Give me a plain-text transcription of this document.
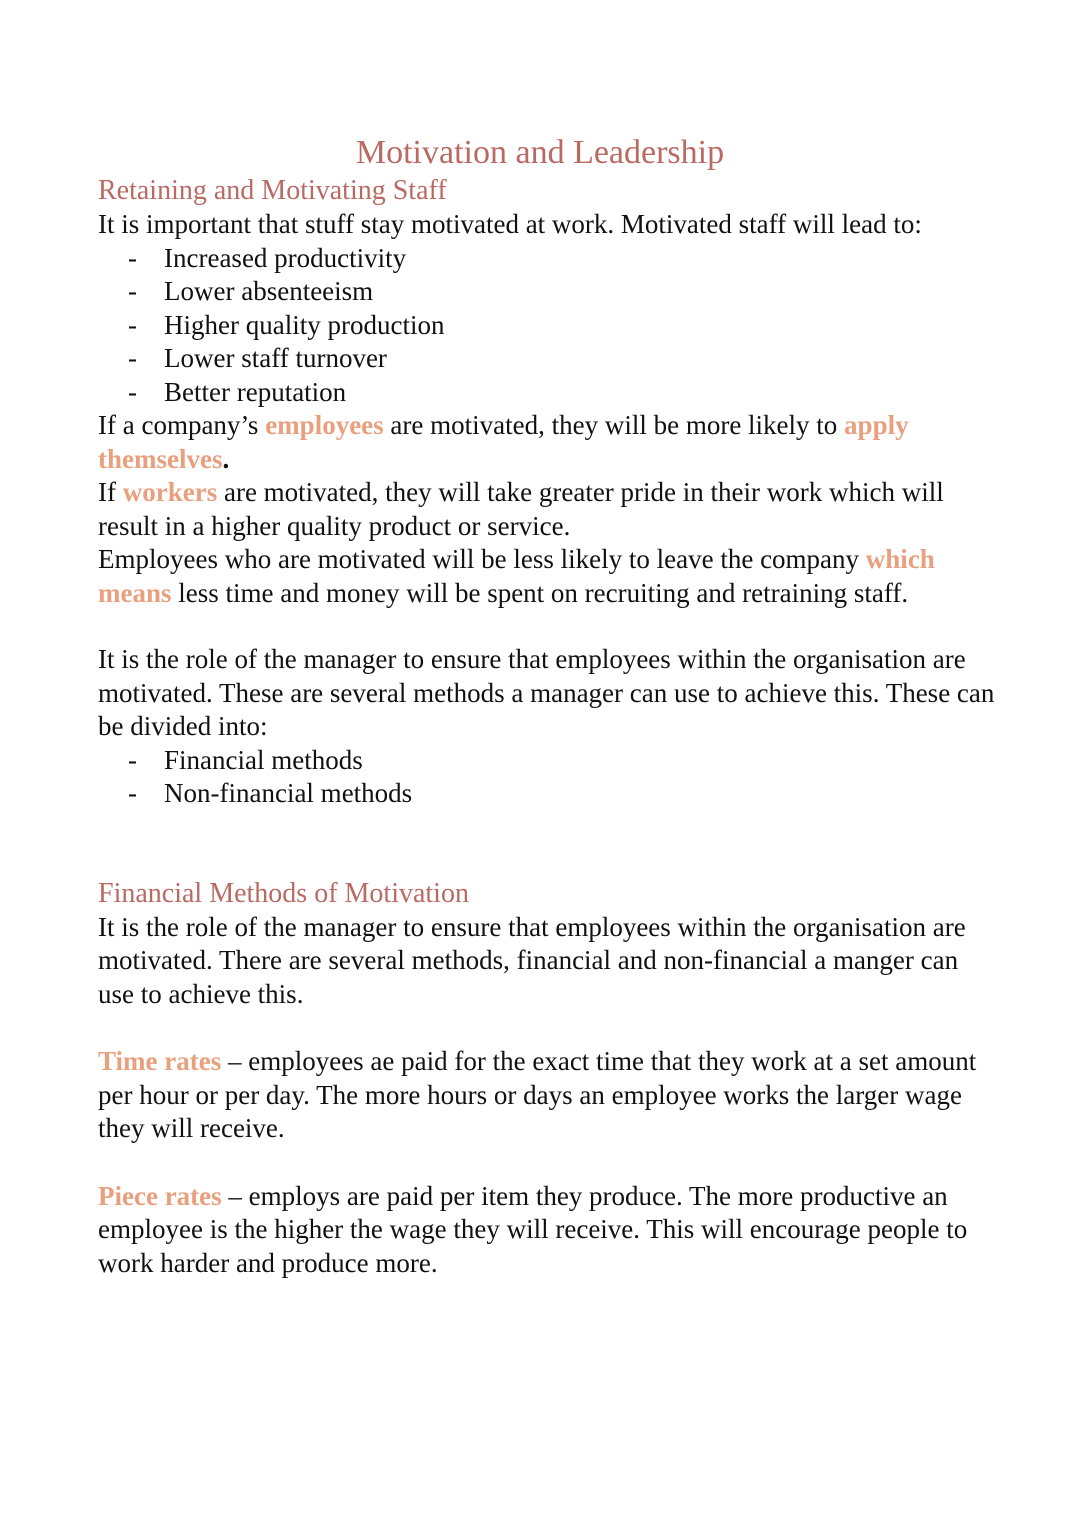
Motivation and Leadership
Retaining and Motivating Staff

It is important that stuff stay motivated at work. Motivated staff will lead to:

- Increased productivity
- Lower absenteeism
- Higher quality production
- Lower staff turnover
- Better reputation

If a company’s employees are motivated, they will be more likely to apply themselves.

If workers are motivated, they will take greater pride in their work which will result in a higher quality product or service.

Employees who are motivated will be less likely to leave the company which means less time and money will be spent on recruiting and retraining staff.

It is the role of the manager to ensure that employees within the organisation are motivated. These are several methods a manager can use to achieve this. These can be divided into:

- Financial methods
- Non-financial methods
Financial Methods of Motivation

It is the role of the manager to ensure that employees within the organisation are motivated. There are several methods, financial and non-financial a manger can use to achieve this.

Time rates – employees ae paid for the exact time that they work at a set amount per hour or per day. The more hours or days an employee works the larger wage they will receive.

Piece rates – employs are paid per item they produce. The more productive an employee is the higher the wage they will receive. This will encourage people to work harder and produce more.
